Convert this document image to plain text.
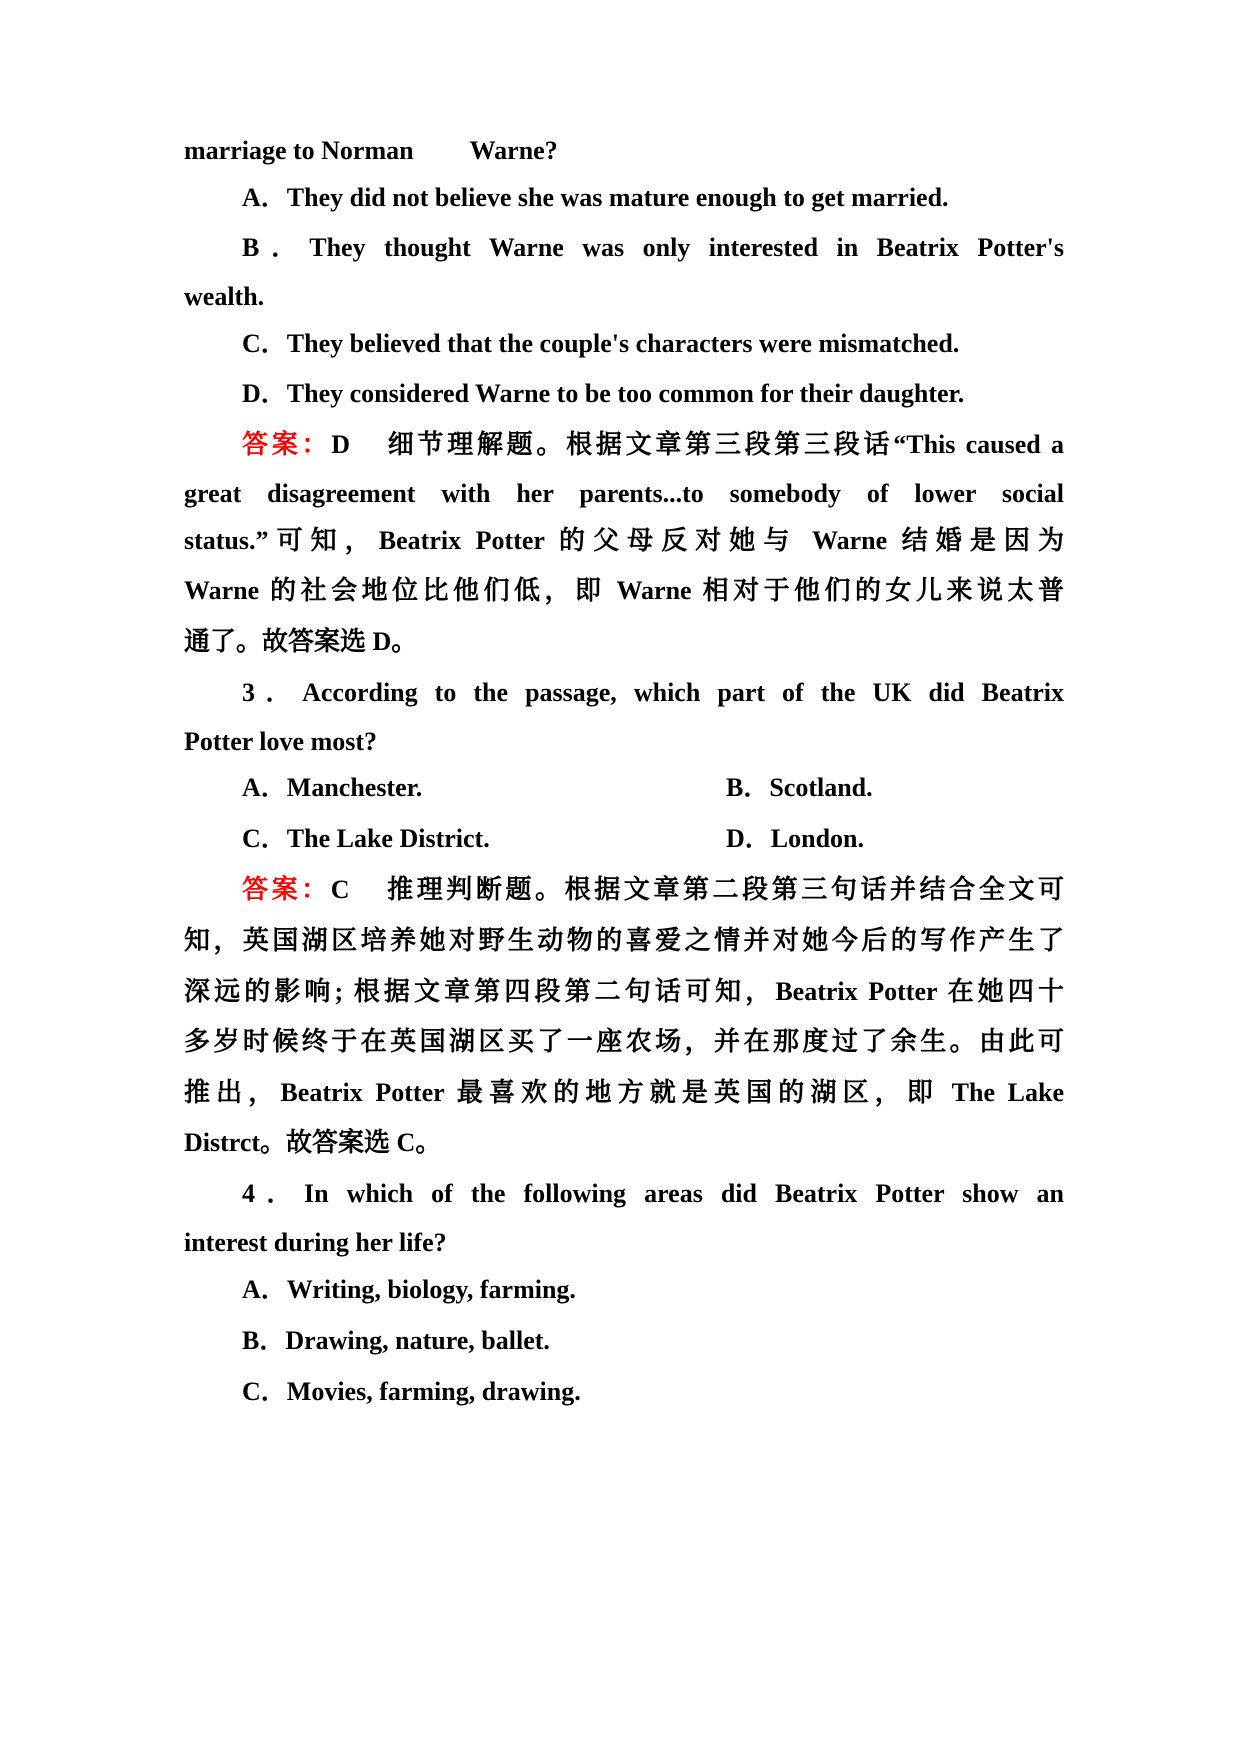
marriage to Norman Warne?
A．They did not believe she was mature enough to get married.
B．They thought Warne was only interested in Beatrix Potter's
wealth.
C．They believed that the couple's characters were mismatched.
D．They considered Warne to be too common for their daughter.
答案：D 细节理解题。根据文章第三段第三段话“This caused a
great disagreement with her parents...to somebody of lower social
status.”可知，Beatrix Potter 的父母反对她与 Warne 结婚是因为
Warne 的社会地位比他们低，即 Warne 相对于他们的女儿来说太普
通了。故答案选 D。
3．According to the passage, which part of the UK did Beatrix
Potter love most?
A．Manchester.	B．Scotland.
C．The Lake District.	D．London.
答案：C 推理判断题。根据文章第二段第三句话并结合全文可
知，英国湖区培养她对野生动物的喜爱之情并对她今后的写作产生了
深远的影响; 根据文章第四段第二句话可知，Beatrix Potter 在她四十
多岁时候终于在英国湖区买了一座农场，并在那度过了余生。由此可
推出，Beatrix Potter 最喜欢的地方就是英国的湖区，即 The Lake
Distrct。故答案选 C。
4．In which of the following areas did Beatrix Potter show an
interest during her life?
A．Writing, biology, farming.
B．Drawing, nature, ballet.
C．Movies, farming, drawing.
